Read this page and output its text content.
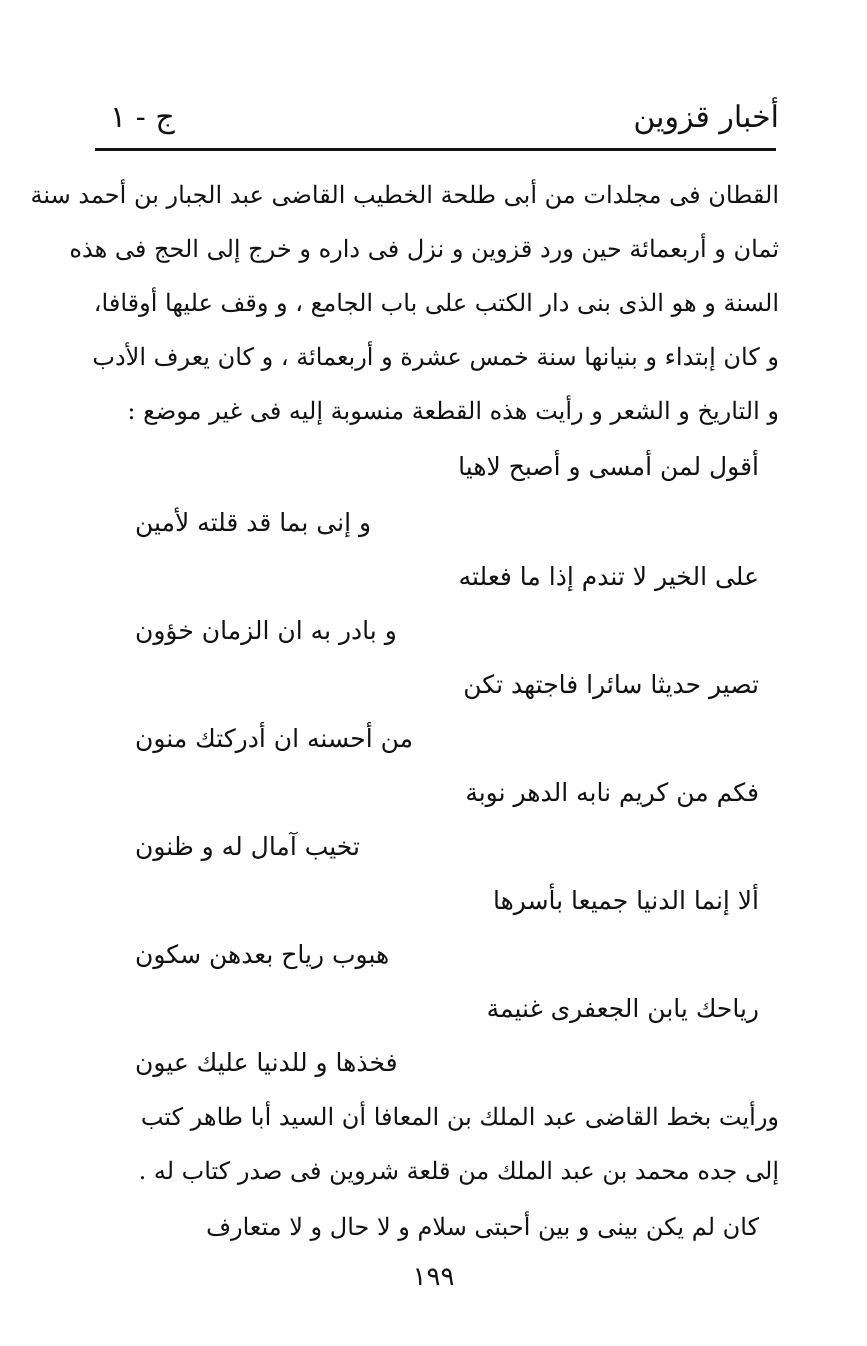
أخبار قزوين
ج - ١
القطان فى مجلدات من أبى طلحة الخطيب القاضى عبد الجبار بن أحمد سنة
ثمان و أربعمائة حين ورد قزوين و نزل فى داره و خرج إلى الحج فى هذه
السنة و هو الذى بنى دار الكتب على باب الجامع ، و وقف عليها أوقافا،
و كان إبتداء و بنيانها سنة خمس عشرة و أربعمائة ، و كان يعرف الأدب
و التاريخ و الشعر و رأيت هذه القطعة منسوبة إليه فى غير موضع :
أقول لمن أمسى و أصبح لاهيا
و إنى بما قد قلته لأمين
على الخير لا تندم إذا ما فعلته
و بادر به ان الزمان خؤون
تصير حديثا سائرا فاجتهد تكن
من أحسنه ان أدركتك منون
فكم من كريم نابه الدهر نوبة
تخيب آمال له و ظنون
ألا إنما الدنيا جميعا بأسرها
هبوب رياح بعدهن سكون
رياحك يابن الجعفرى غنيمة
فخذها و للدنيا عليك عيون
ورأيت بخط القاضى عبد الملك بن المعافا أن السيد أبا طاهر كتب
إلى جده محمد بن عبد الملك من قلعة شروين فى صدر كتاب له .
كان لم يكن بينى و بين أحبتى سلام و لا حال و لا متعارف
١٩٩
